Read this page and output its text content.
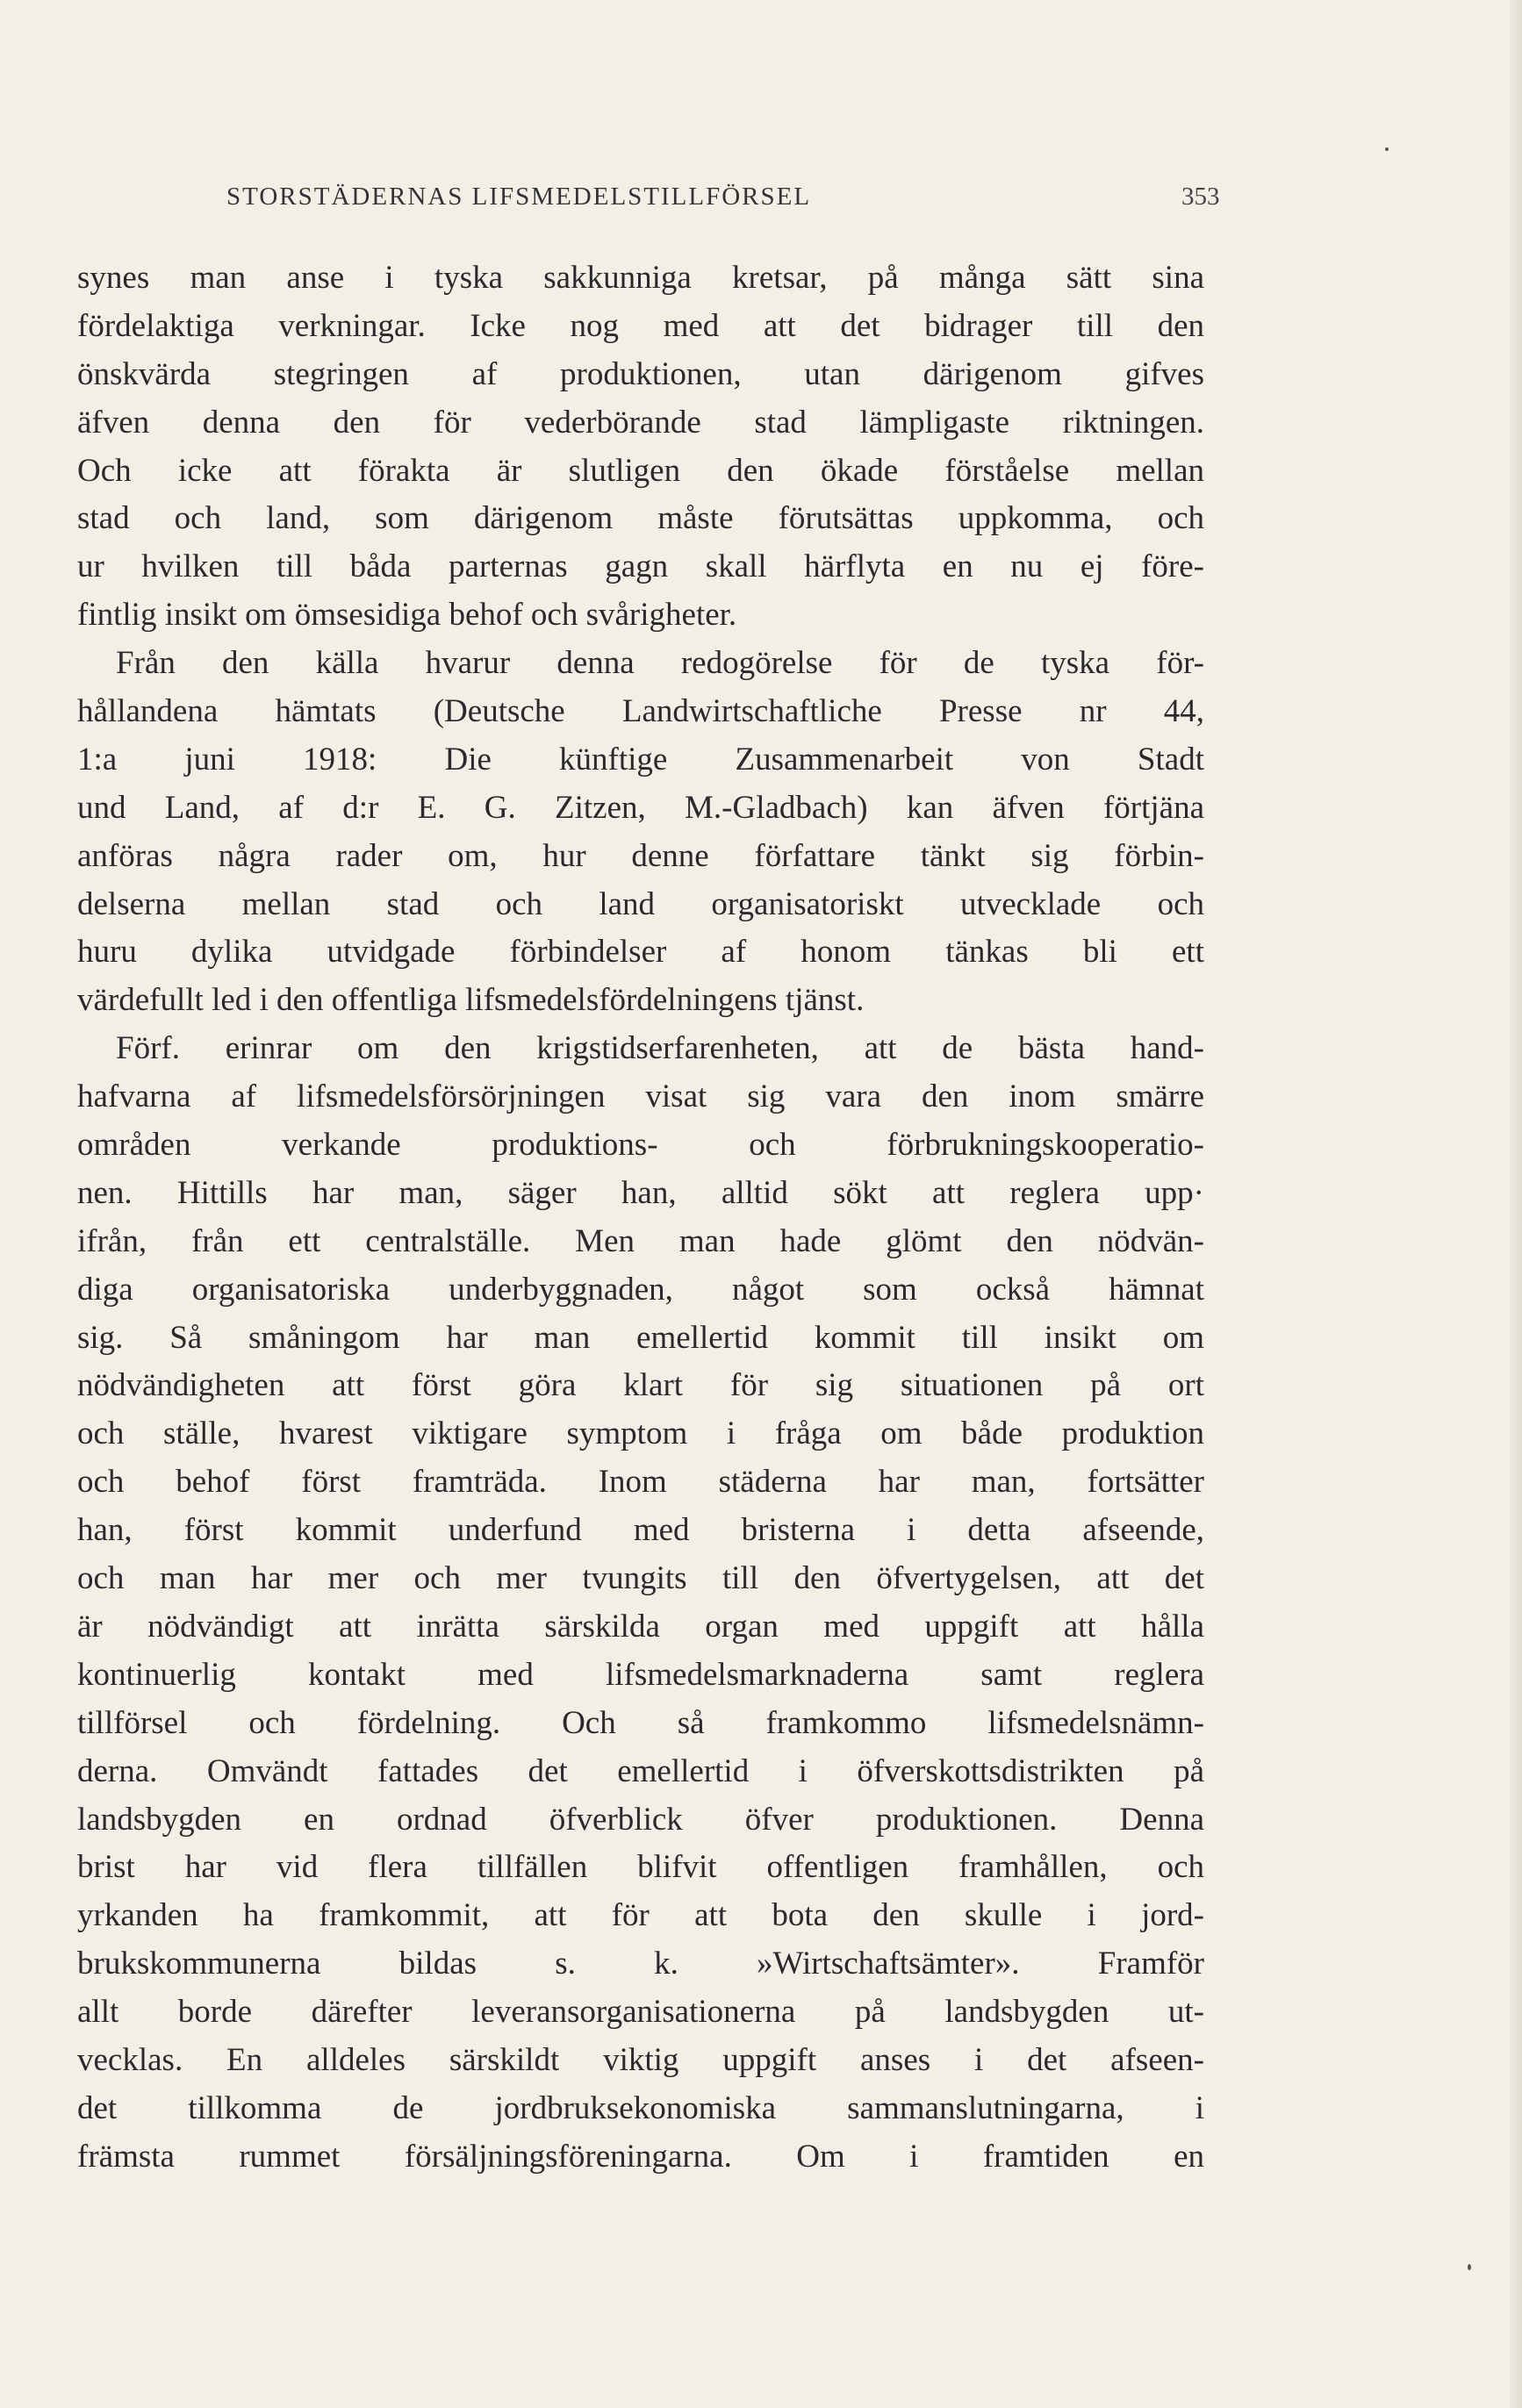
STORSTÄDERNAS LIFSMEDELSTILLFÖRSEL	353
synes man anse i tyska sakkunniga kretsar, på många sätt sina
fördelaktiga verkningar. Icke nog med att det bidrager till den
önskvärda stegringen af produktionen, utan därigenom gifves
äfven denna den för vederbörande stad lämpligaste riktningen.
Och icke att förakta är slutligen den ökade förståelse mellan
stad och land, som därigenom måste förutsättas uppkomma, och
ur hvilken till båda parternas gagn skall härflyta en nu ej före-
fintlig insikt om ömsesidiga behof och svårigheter.
Från den källa hvarur denna redogörelse för de tyska för-
hållandena hämtats (Deutsche Landwirtschaftliche Presse nr 44,
1:a juni 1918: Die künftige Zusammenarbeit von Stadt
und Land, af d:r E. G. Zitzen, M.-Gladbach) kan äfven förtjäna
anföras några rader om, hur denne författare tänkt sig förbin-
delserna mellan stad och land organisatoriskt utvecklade och
huru dylika utvidgade förbindelser af honom tänkas bli ett
värdefullt led i den offentliga lifsmedelsfördelningens tjänst.
Förf. erinrar om den krigstidserfarenheten, att de bästa hand-
hafvarna af lifsmedelsförsörjningen visat sig vara den inom smärre
områden verkande produktions- och förbrukningskooperatio-
nen. Hittills har man, säger han, alltid sökt att reglera upp·
ifrån, från ett centralställe. Men man hade glömt den nödvän-
diga organisatoriska underbyggnaden, något som också hämnat
sig. Så småningom har man emellertid kommit till insikt om
nödvändigheten att först göra klart för sig situationen på ort
och ställe, hvarest viktigare symptom i fråga om både produktion
och behof först framträda. Inom städerna har man, fortsätter
han, först kommit underfund med bristerna i detta afseende,
och man har mer och mer tvungits till den öfvertygelsen, att det
är nödvändigt att inrätta särskilda organ med uppgift att hålla
kontinuerlig kontakt med lifsmedelsmarknaderna samt reglera
tillförsel och fördelning. Och så framkommo lifsmedelsnämn-
derna. Omvändt fattades det emellertid i öfverskottsdistrikten på
landsbygden en ordnad öfverblick öfver produktionen. Denna
brist har vid flera tillfällen blifvit offentligen framhållen, och
yrkanden ha framkommit, att för att bota den skulle i jord-
brukskommunerna bildas s. k. »Wirtschaftsämter». Framför
allt borde därefter leveransorganisationerna på landsbygden ut-
vecklas. En alldeles särskildt viktig uppgift anses i det afseen-
det tillkomma de jordbruksekonomiska sammanslutningarna, i
främsta rummet försäljningsföreningarna. Om i framtiden en
